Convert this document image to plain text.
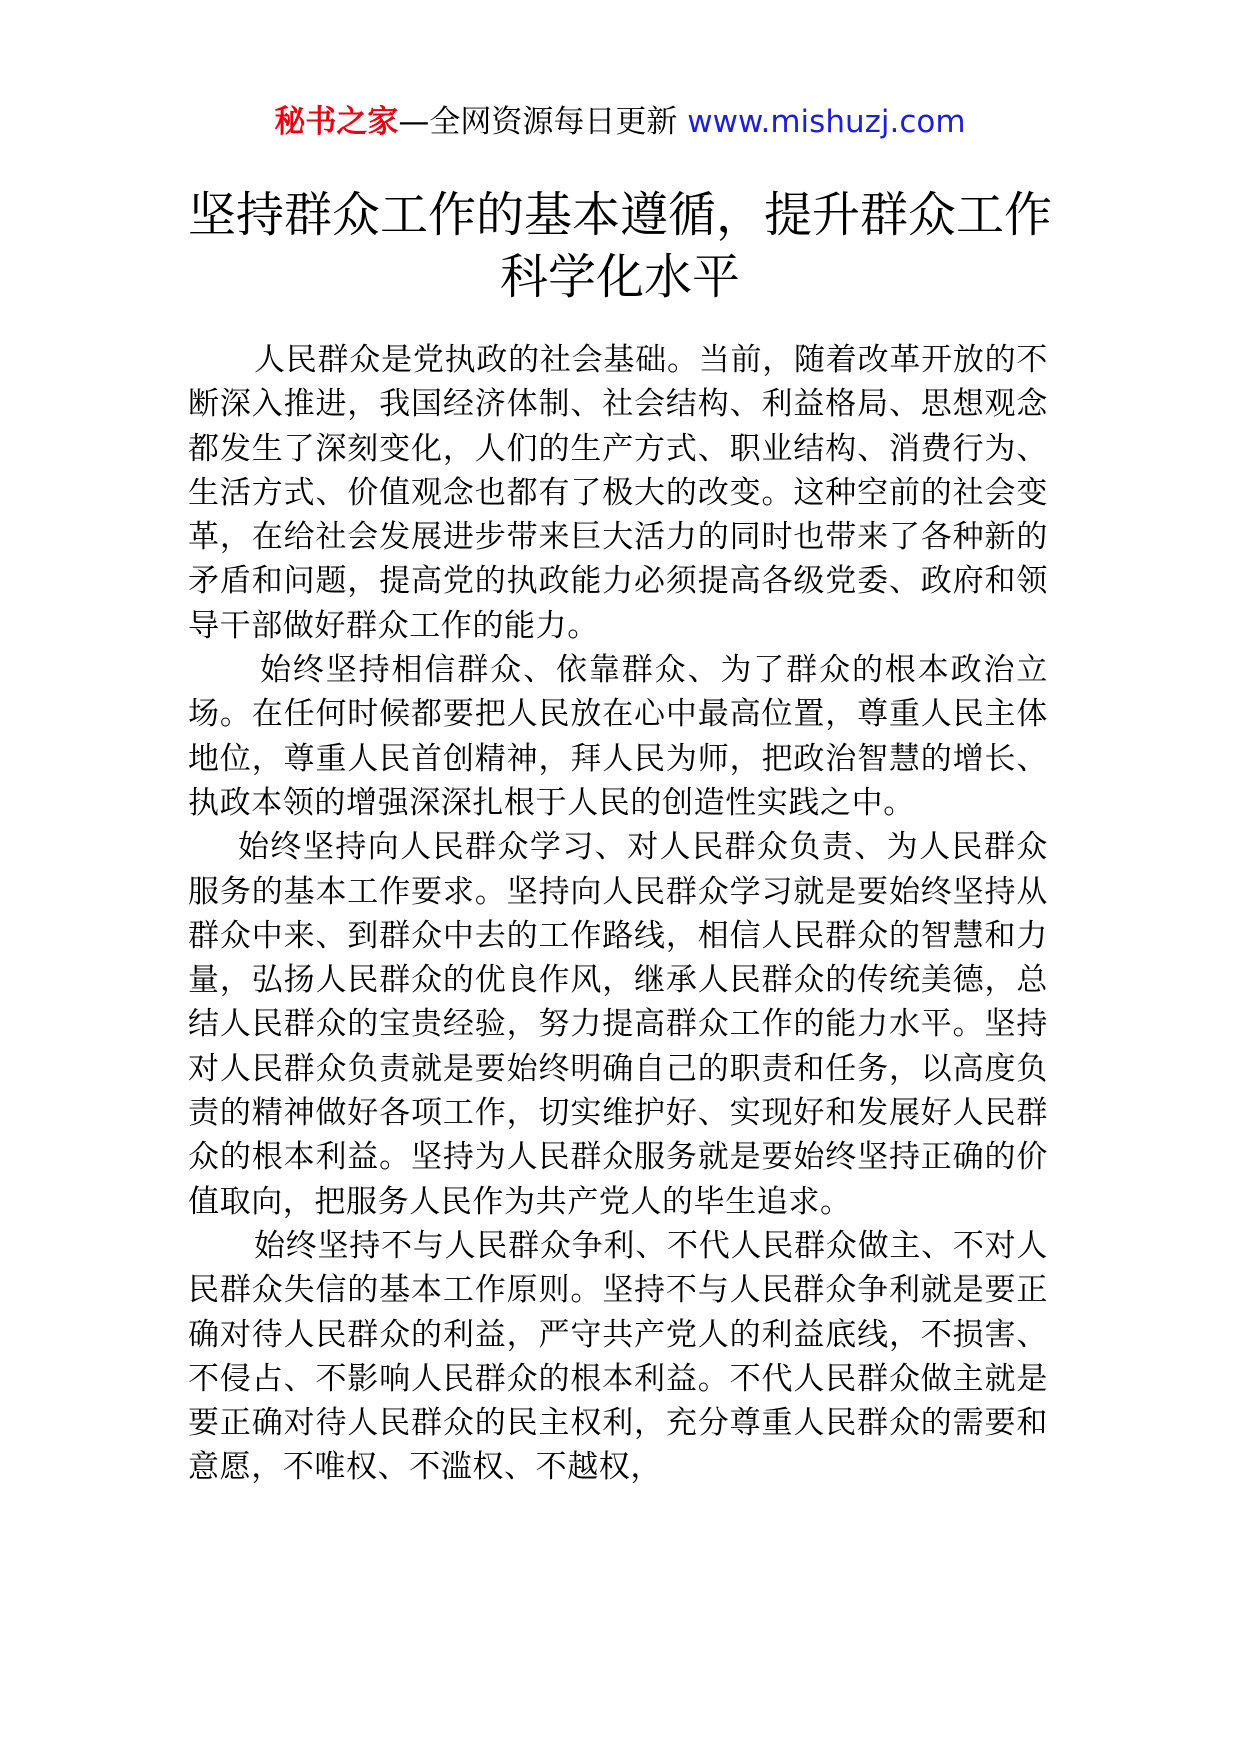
秘书之家—全网资源每日更新 www.mishuzj.com
坚持群众工作的基本遵循，提升群众工作
科学化水平

人民群众是党执政的社会基础。当前，随着改革开放的不断深入推进，我国经济体制、社会结构、利益格局、思想观念都发生了深刻变化，人们的生产方式、职业结构、消费行为、生活方式、价值观念也都有了极大的改变。这种空前的社会变革，在给社会发展进步带来巨大活力的同时也带来了各种新的矛盾和问题，提高党的执政能力必须提高各级党委、政府和领导干部做好群众工作的能力。

始终坚持相信群众、依靠群众、为了群众的根本政治立场。在任何时候都要把人民放在心中最高位置，尊重人民主体地位，尊重人民首创精神，拜人民为师，把政治智慧的增长、执政本领的增强深深扎根于人民的创造性实践之中。

始终坚持向人民群众学习、对人民群众负责、为人民群众服务的基本工作要求。坚持向人民群众学习就是要始终坚持从群众中来、到群众中去的工作路线，相信人民群众的智慧和力量，弘扬人民群众的优良作风，继承人民群众的传统美德，总结人民群众的宝贵经验，努力提高群众工作的能力水平。坚持对人民群众负责就是要始终明确自己的职责和任务，以高度负责的精神做好各项工作，切实维护好、实现好和发展好人民群众的根本利益。坚持为人民群众服务就是要始终坚持正确的价值取向，把服务人民作为共产党人的毕生追求。

始终坚持不与人民群众争利、不代人民群众做主、不对人民群众失信的基本工作原则。坚持不与人民群众争利就是要正确对待人民群众的利益，严守共产党人的利益底线，不损害、不侵占、不影响人民群众的根本利益。不代人民群众做主就是要正确对待人民群众的民主权利，充分尊重人民群众的需要和意愿，不唯权、不滥权、不越权，
